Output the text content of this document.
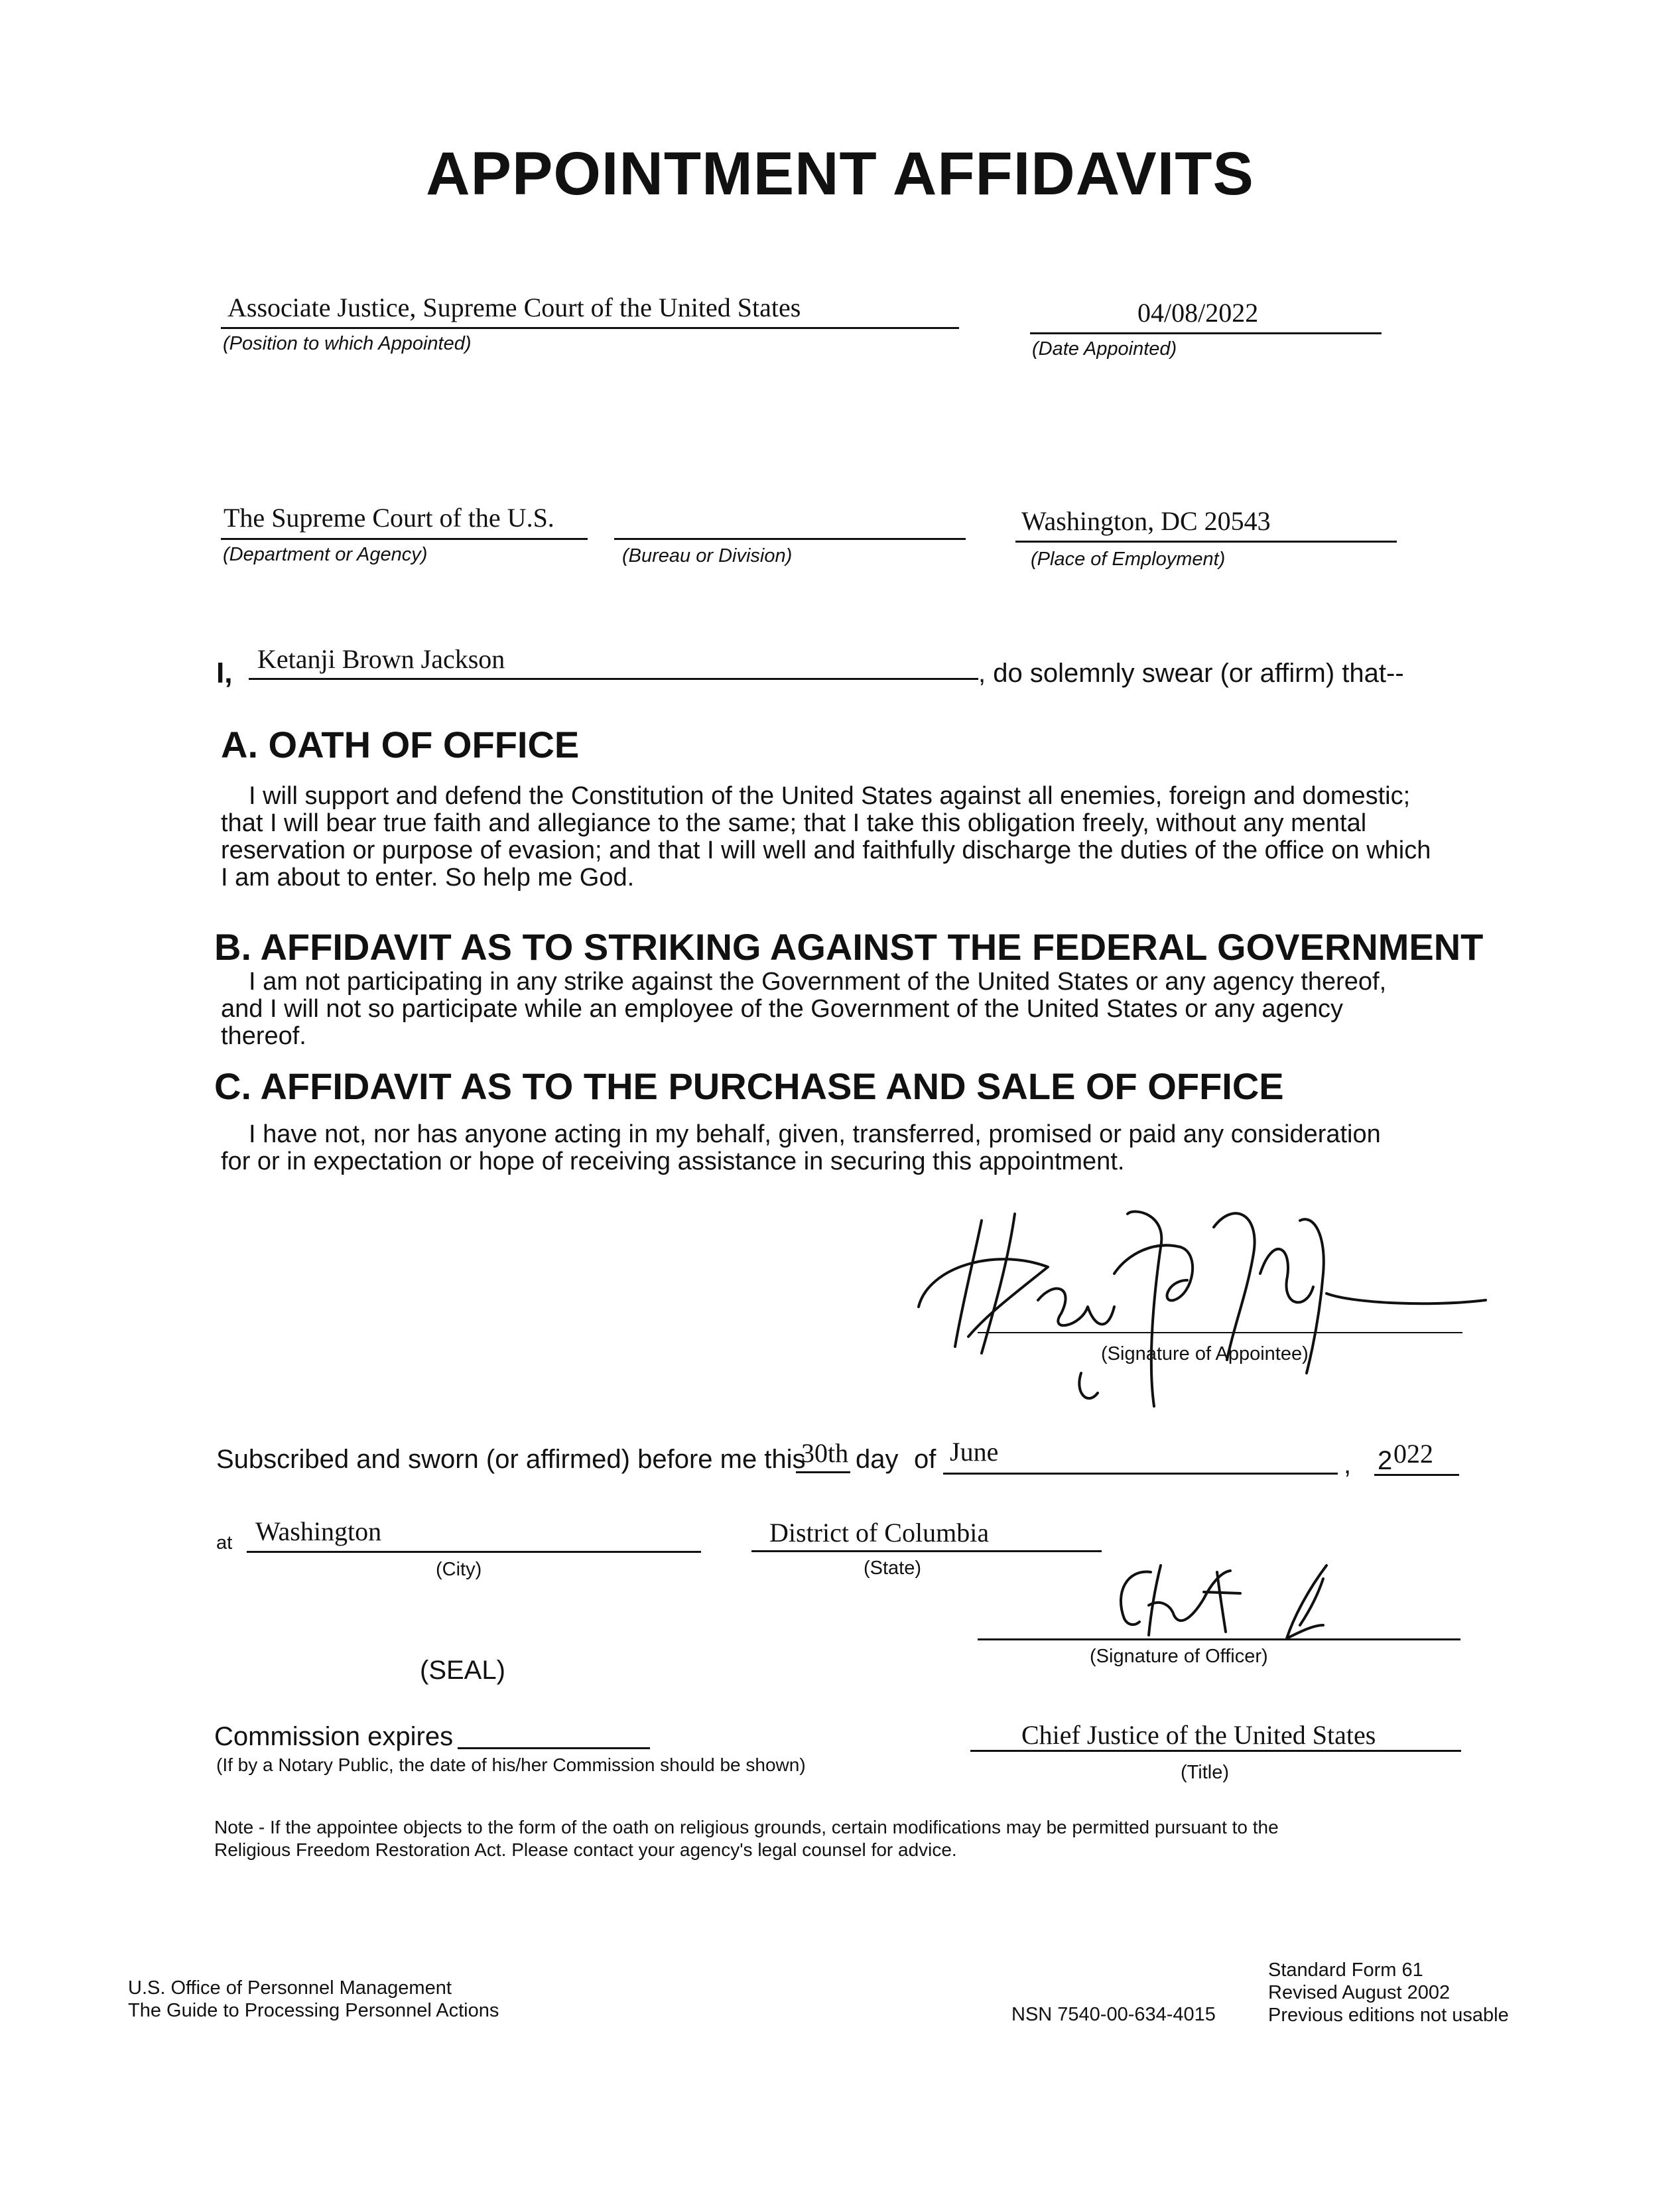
APPOINTMENT AFFIDAVITS
Associate Justice, Supreme Court of the United States
(Position to which Appointed)
04/08/2022
(Date Appointed)
The Supreme Court of the U.S.
(Department or Agency)	(Bureau or Division)
Washington, DC 20543
(Place of Employment)
I, Ketanji Brown Jackson	, do solemnly swear (or affirm) that--
A. OATH OF OFFICE
I will support and defend the Constitution of the United States against all enemies, foreign and domestic;
that I will bear true faith and allegiance to the same; that I take this obligation freely, without any mental
reservation or purpose of evasion; and that I will well and faithfully discharge the duties of the office on which
I am about to enter. So help me God.
B. AFFIDAVIT AS TO STRIKING AGAINST THE FEDERAL GOVERNMENT
I am not participating in any strike against the Government of the United States or any agency thereof,
and I will not so participate while an employee of the Government of the United States or any agency
thereof.
C. AFFIDAVIT AS TO THE PURCHASE AND SALE OF OFFICE
I have not, nor has anyone acting in my behalf, given, transferred, promised or paid any consideration
for or in expectation or hope of receiving assistance in securing this appointment.
(Signature of Appointee)
Subscribed and sworn (or affirmed) before me this
30th day of June	, 2 022
at Washington
(City)
District of Columbia
(State)
(Signature of Officer)
(SEAL)
Commission expires
(If by a Notary Public, the date of his/her Commission should be shown)
Chief Justice of the United States
(Title)
Note - If the appointee objects to the form of the oath on religious grounds, certain modifications may be permitted pursuant to the
Religious Freedom Restoration Act. Please contact your agency's legal counsel for advice.
U.S. Office of Personnel Management
The Guide to Processing Personnel Actions	NSN 7540-00-634-4015
Standard Form 61
Revised August 2002
Previous editions not usable
